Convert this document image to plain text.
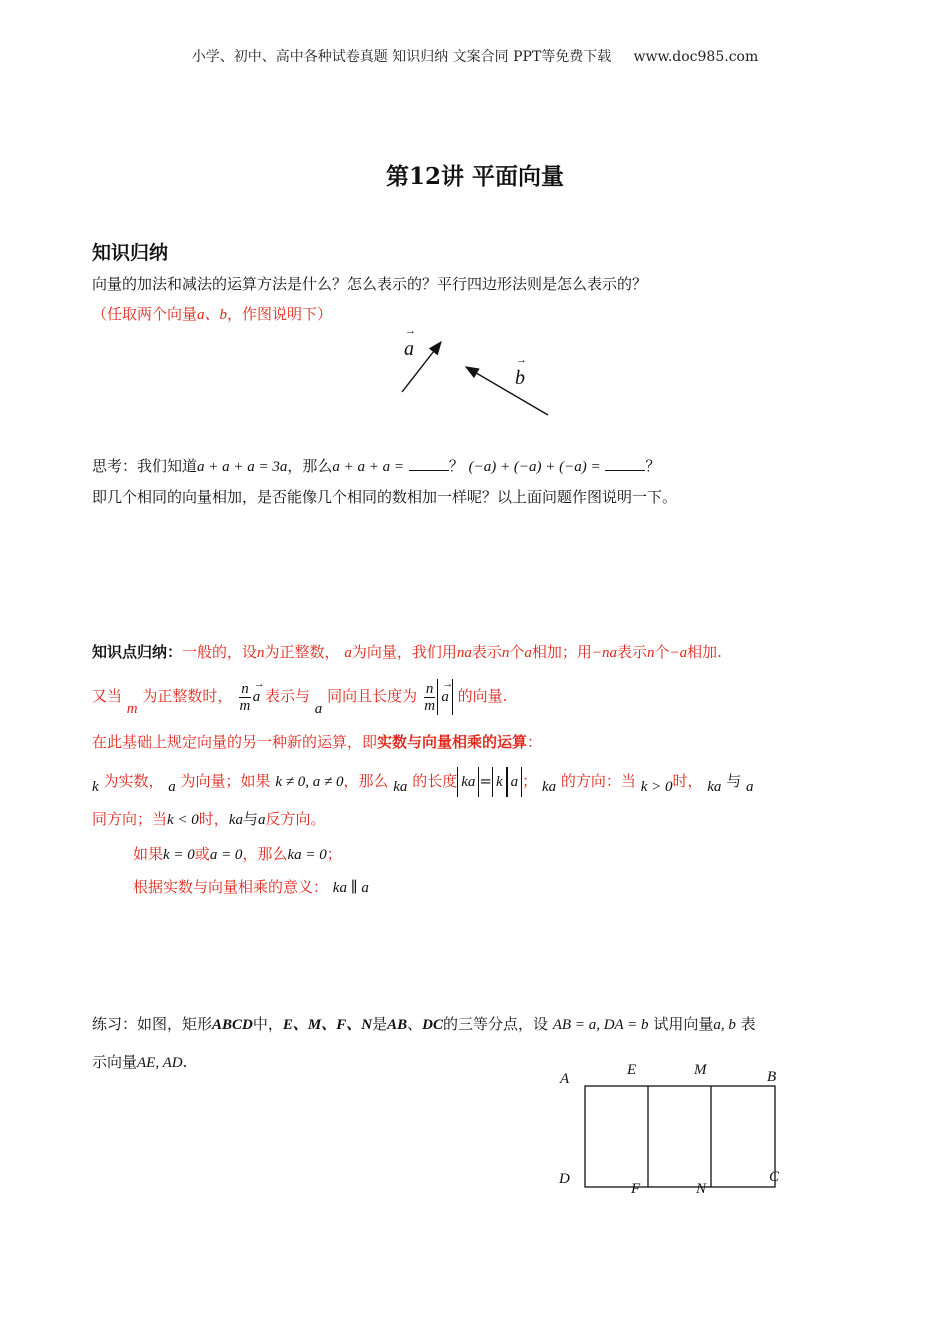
小学、初中、高中各种试卷真题 知识归纳 文案合同 PPT等免费下载 www.doc985.com
第12讲 平面向量
知识归纳
向量的加法和减法的运算方法是什么？怎么表示的？平行四边形法则是怎么表示的？
（任取两个向量a、b，作图说明下）
→
a	→
b
思考：我们知道a + a + a = 3a，那么a + a + a =	？ (−a) + (−a) + (−a) =	？
即几个相同的向量相加，是否能像几个相同的数相加一样呢？以上面问题作图说明一下。
知识点归纳：一般的，设n为正整数， a为向量，我们用na表示n个a相加；用−na表示n个−a相加.
又当 m 为正整数时， $\frac{n}{m}$ →
a 表示与 a 同向且长度为 $\frac{n}{m}$ →
a 的向量.
在此基础上规定向量的另一种新的运算，即实数与向量相乘的运算：
k 为实数， a 为向量；如果 k ≠ 0, a ≠ 0，那么 ka 的长度 ka = k a ； ka 的方向：当 k > 0时， ka 与 a
同方向；当k < 0时，ka与a反方向。
如果k = 0或a = 0，那么ka = 0；
根据实数与向量相乘的意义： ka ∥ a
练习：如图，矩形ABCD中，E、M、F、N是AB、DC的三等分点，设 AB = a, DA = b 试用向量a, b 表
示向量AE, AD.
A
E	M	B
D
F	N
C
